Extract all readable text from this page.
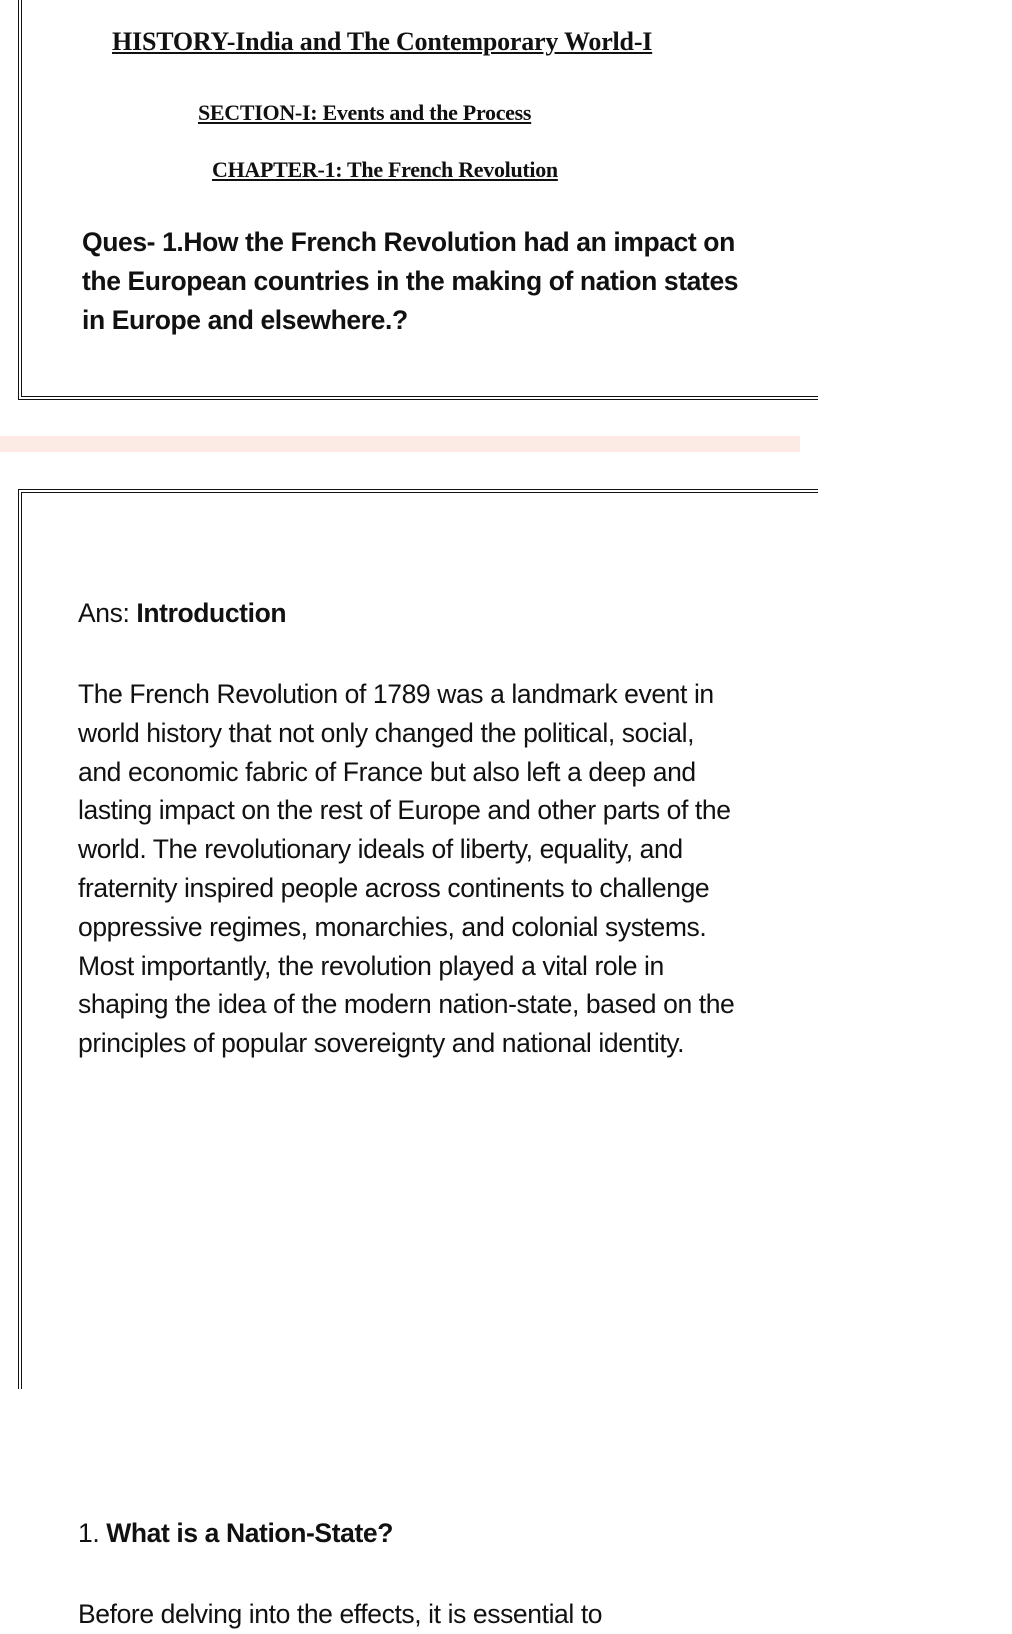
HISTORY-India and The Contemporary World-I
SECTION-I: Events and the Process
CHAPTER-1: The French Revolution
Ques- 1.How the French Revolution had an impact on the European countries in the making of nation states in Europe and elsewhere.?
Ans: Introduction
The French Revolution of 1789 was a landmark event in world history that not only changed the political, social, and economic fabric of France but also left a deep and lasting impact on the rest of Europe and other parts of the world. The revolutionary ideals of liberty, equality, and fraternity inspired people across continents to challenge oppressive regimes, monarchies, and colonial systems. Most importantly, the revolution played a vital role in shaping the idea of the modern nation-state, based on the principles of popular sovereignty and national identity.
1. What is a Nation-State?
Before delving into the effects, it is essential to
